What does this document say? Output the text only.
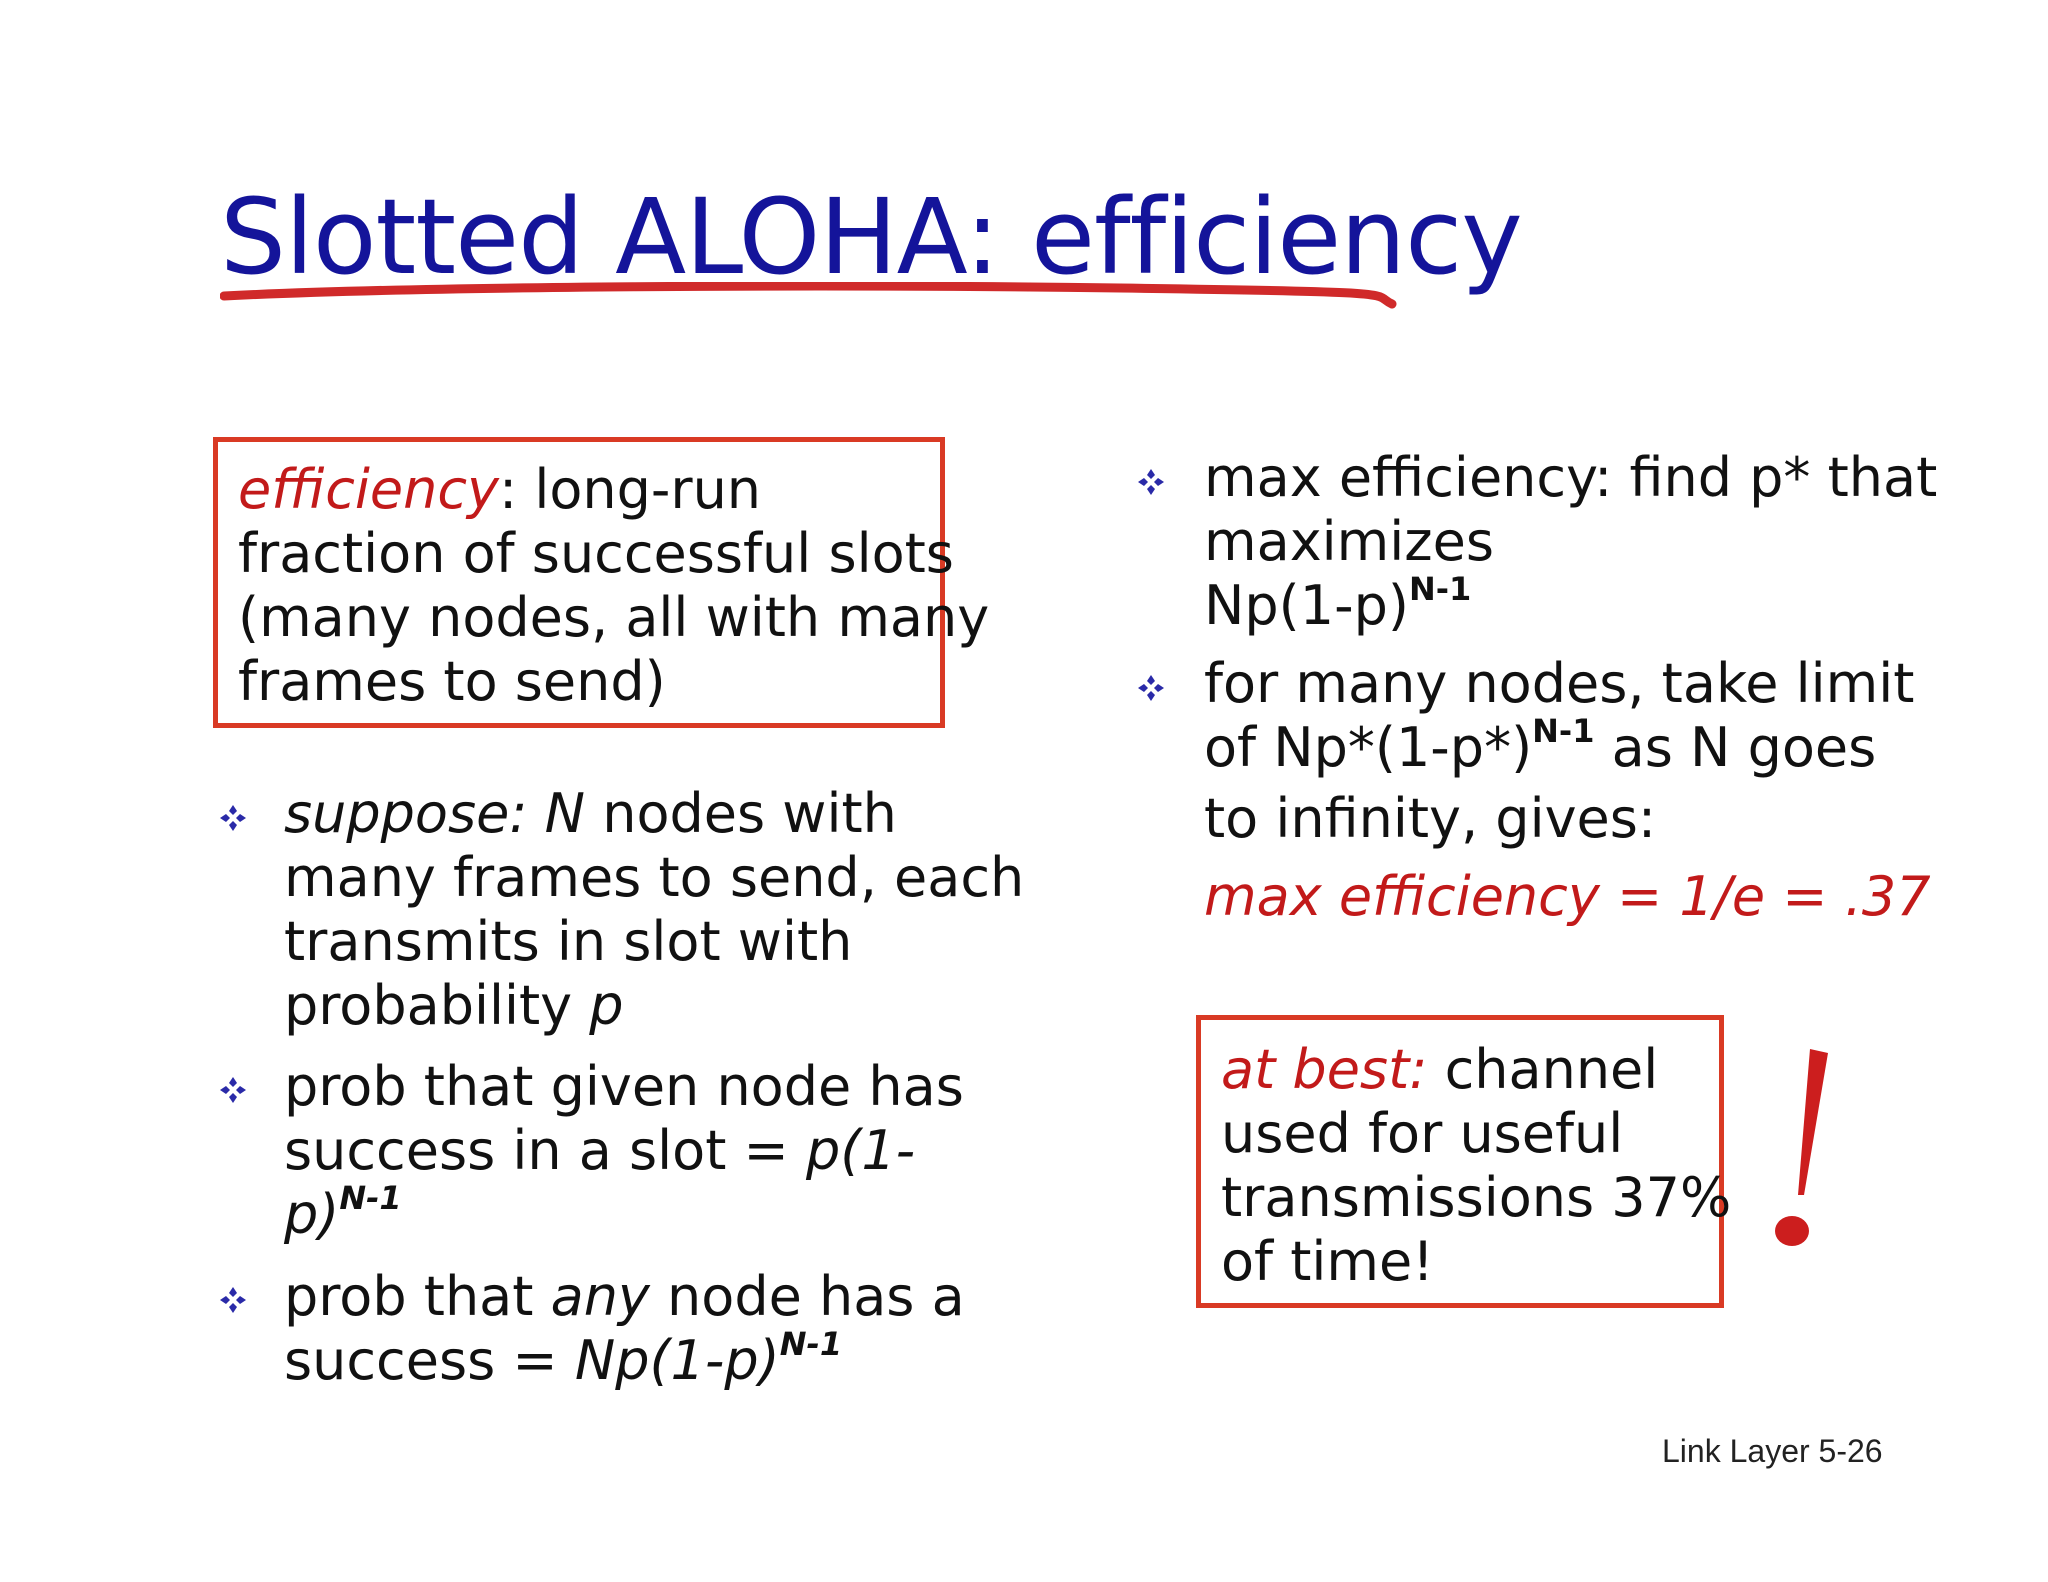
Slotted ALOHA: efficiency
efficiency: long-run
fraction of successful slots
(many nodes, all with many
frames to send)
suppose: N nodes with
many frames to send, each
transmits in slot with
probability p
prob that given node has
success in a slot = p(1-
p)$^{N-1}$
prob that any node has a
success = $Np(1-p)^{N-1}$
max efficiency: find p* that
maximizes
$Np(1-p)^{N-1}$
for many nodes, take limit
of $Np*(1-p*)^{N-1}$ as N goes
to infinity, gives:
max efficiency = 1/e = .37
at best: channel
used for useful
transmissions 37%
of time!
Link Layer 5-26
